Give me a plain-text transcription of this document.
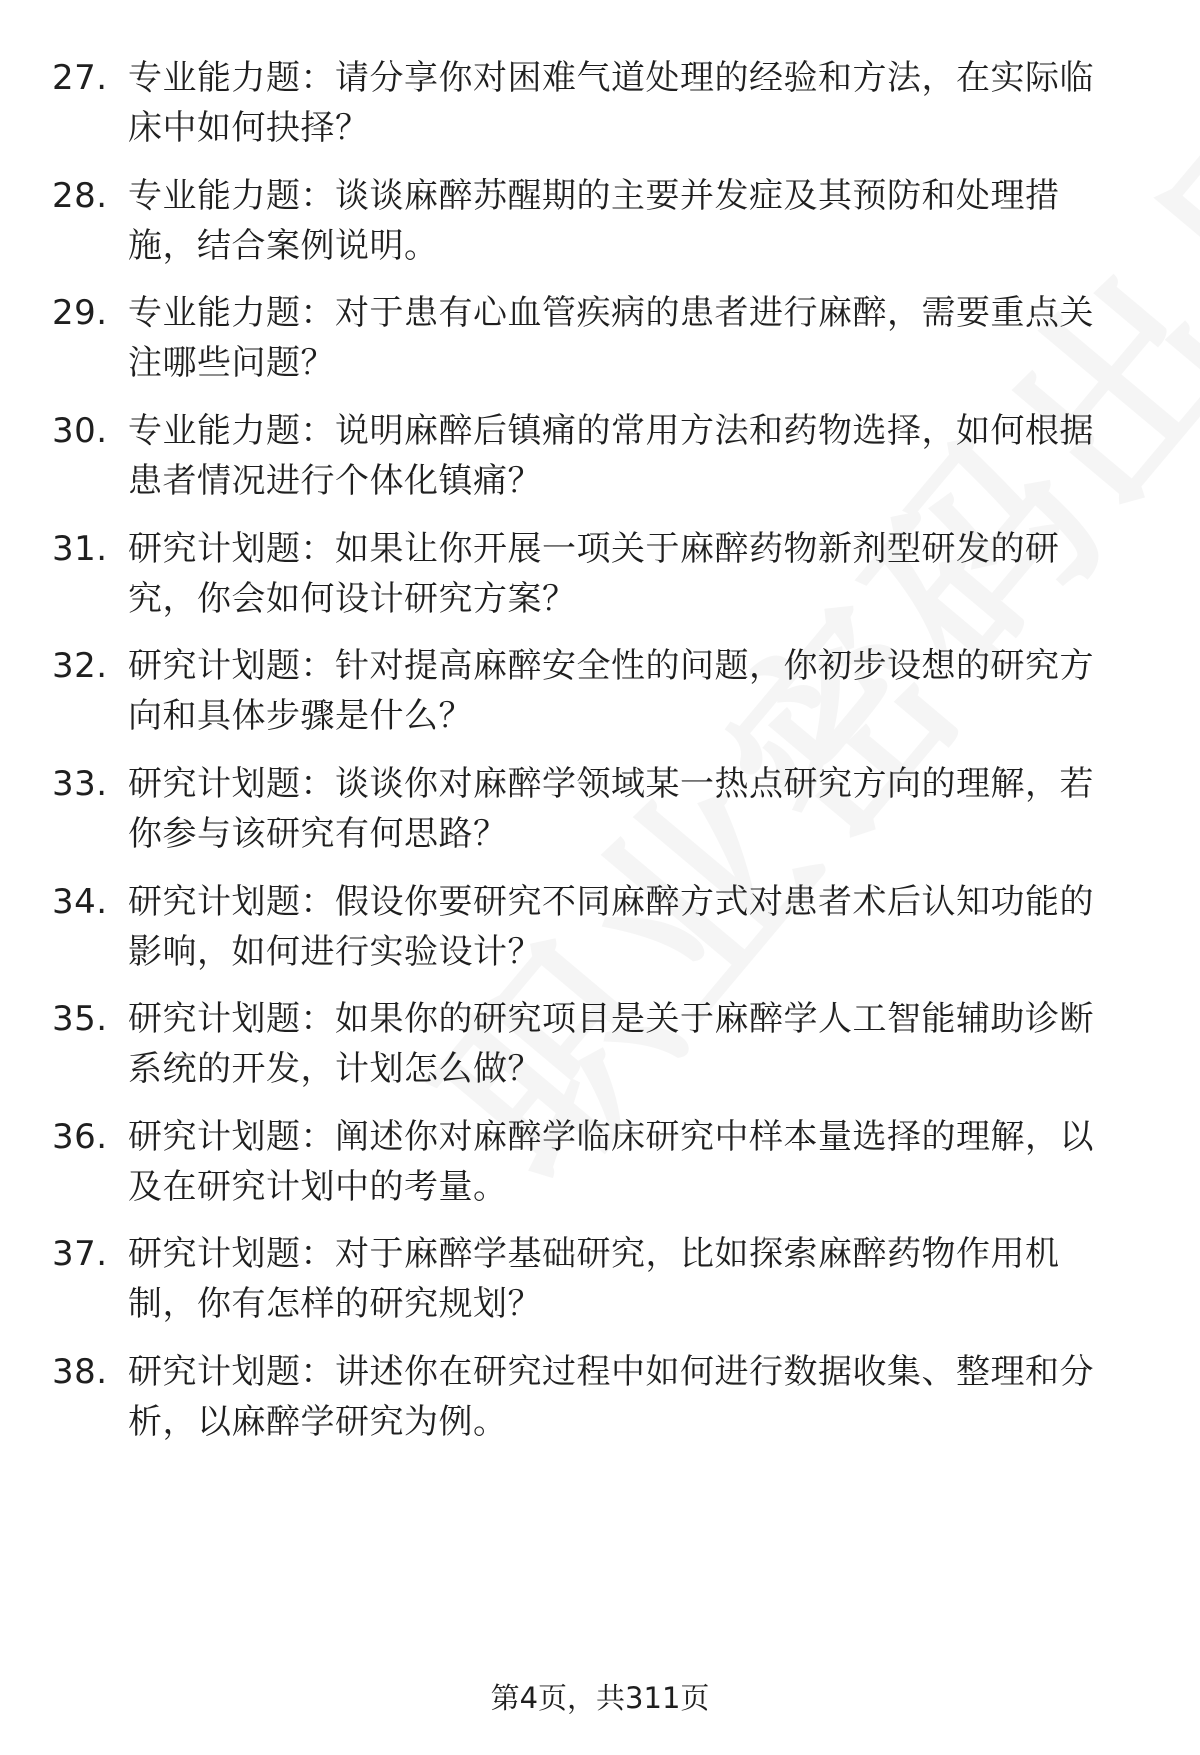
27. 专业能力题：请分享你对困难气道处理的经验和方法，在实际临
床中如何抉择？
28. 专业能力题：谈谈麻醉苏醒期的主要并发症及其预防和处理措
施，结合案例说明。
29. 专业能力题：对于患有心血管疾病的患者进行麻醉，需要重点关
注哪些问题？
30. 专业能力题：说明麻醉后镇痛的常用方法和药物选择，如何根据
患者情况进行个体化镇痛？
31. 研究计划题：如果让你开展一项关于麻醉药物新剂型研发的研
究，你会如何设计研究方案？
32. 研究计划题：针对提高麻醉安全性的问题，你初步设想的研究方
向和具体步骤是什么？
33. 研究计划题：谈谈你对麻醉学领域某一热点研究方向的理解，若
你参与该研究有何思路？
34. 研究计划题：假设你要研究不同麻醉方式对患者术后认知功能的
影响，如何进行实验设计？
35. 研究计划题：如果你的研究项目是关于麻醉学人工智能辅助诊断
系统的开发，计划怎么做？
36. 研究计划题：阐述你对麻醉学临床研究中样本量选择的理解，以
及在研究计划中的考量。
37. 研究计划题：对于麻醉学基础研究，比如探索麻醉药物作用机
制，你有怎样的研究规划？
38. 研究计划题：讲述你在研究过程中如何进行数据收集、整理和分
析，以麻醉学研究为例。
第4页，共311页
